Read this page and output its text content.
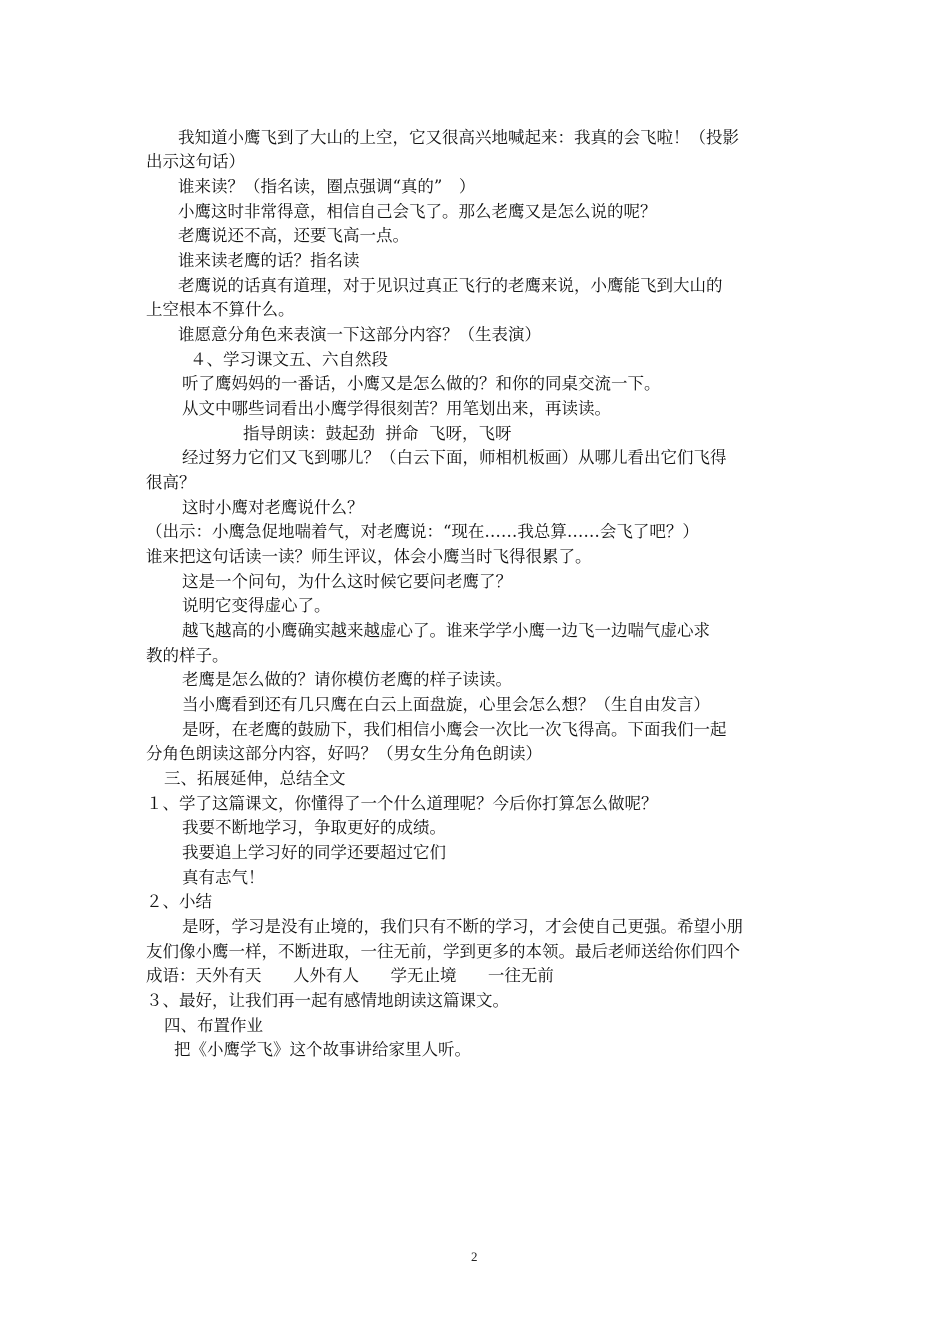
我知道小鹰飞到了大山的上空，它又很高兴地喊起来：我真的会飞啦！（投影
出示这句话）
谁来读？（指名读，圈点强调“真的”　）
小鹰这时非常得意，相信自己会飞了。那么老鹰又是怎么说的呢？
老鹰说还不高，还要飞高一点。
谁来读老鹰的话？指名读
老鹰说的话真有道理，对于见识过真正飞行的老鹰来说，小鹰能飞到大山的
上空根本不算什么。
谁愿意分角色来表演一下这部分内容？（生表演）
４、学习课文五、六自然段
听了鹰妈妈的一番话，小鹰又是怎么做的？和你的同桌交流一下。
从文中哪些词看出小鹰学得很刻苦？用笔划出来，再读读。
指导朗读：鼓起劲  拼命  飞呀，飞呀
经过努力它们又飞到哪儿？（白云下面，师相机板画）从哪儿看出它们飞得
很高？
这时小鹰对老鹰说什么？
（出示：小鹰急促地喘着气，对老鹰说：“现在……我总算……会飞了吧？）
谁来把这句话读一读？师生评议，体会小鹰当时飞得很累了。
这是一个问句，为什么这时候它要问老鹰了？
说明它变得虚心了。
越飞越高的小鹰确实越来越虚心了。谁来学学小鹰一边飞一边喘气虚心求
教的样子。
老鹰是怎么做的？请你模仿老鹰的样子读读。
当小鹰看到还有几只鹰在白云上面盘旋，心里会怎么想？（生自由发言）
是呀，在老鹰的鼓励下，我们相信小鹰会一次比一次飞得高。下面我们一起
分角色朗读这部分内容，好吗？（男女生分角色朗读）
三、拓展延伸，总结全文
１、学了这篇课文，你懂得了一个什么道理呢？今后你打算怎么做呢？
我要不断地学习，争取更好的成绩。
我要追上学习好的同学还要超过它们
真有志气！
２、小结
是呀，学习是没有止境的，我们只有不断的学习，才会使自己更强。希望小朋
友们像小鹰一样，不断进取，一往无前，学到更多的本领。最后老师送给你们四个
成语：天外有天      人外有人      学无止境      一往无前
３、最好，让我们再一起有感情地朗读这篇课文。
四、布置作业
把《小鹰学飞》这个故事讲给家里人听。
2
